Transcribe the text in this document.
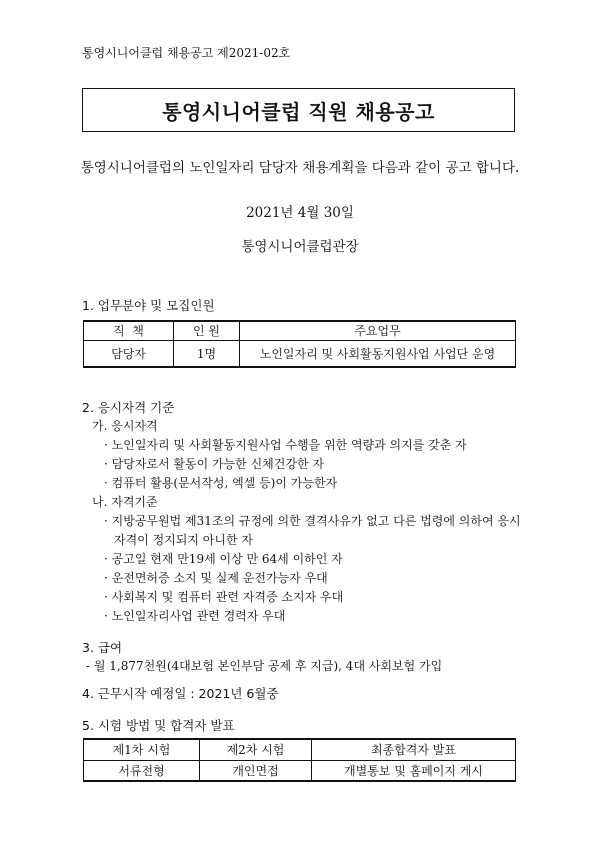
통영시니어클럽 채용공고 제2021-02호
통영시니어클럽 직원 채용공고
통영시니어클럽의 노인일자리 담당자 채용계획을 다음과 같이 공고 합니다.
2021년 4월 30일
통영시니어클럽관장
1. 업무분야 및 모집인원
직  책	인 원	주요업무
담당자	1명	노인일자리 및 사회활동지원사업 사업단 운영
2. 응시자격 기준
가. 응시자격
· 노인일자리 및 사회활동지원사업 수행을 위한 역량과 의지를 갖춘 자
· 담당자로서 활동이 가능한 신체건강한 자
· 컴퓨터 활용(문서작성, 엑셀 등)이 가능한자
나. 자격기준
· 지방공무원법 제31조의 규정에 의한 결격사유가 없고 다른 법령에 의하여 응시
자격이 정지되지 아니한 자
· 공고일 현재 만19세 이상 만 64세 이하인 자
· 운전면허증 소지 및 실제 운전가능자 우대
· 사회복지 및 컴퓨터 관련 자격증 소지자 우대
· 노인일자리사업 관련 경력자 우대
3. 급여
- 월 1,877천원(4대보험 본인부담 공제 후 지급), 4대 사회보험 가입
4. 근무시작 예정일 : 2021년 6월중
5. 시험 방법 및 합격자 발표
제1차 시험	제2차 시험	최종합격자 발표
서류전형	개인면접	개별통보 및 홈페이지 게시
